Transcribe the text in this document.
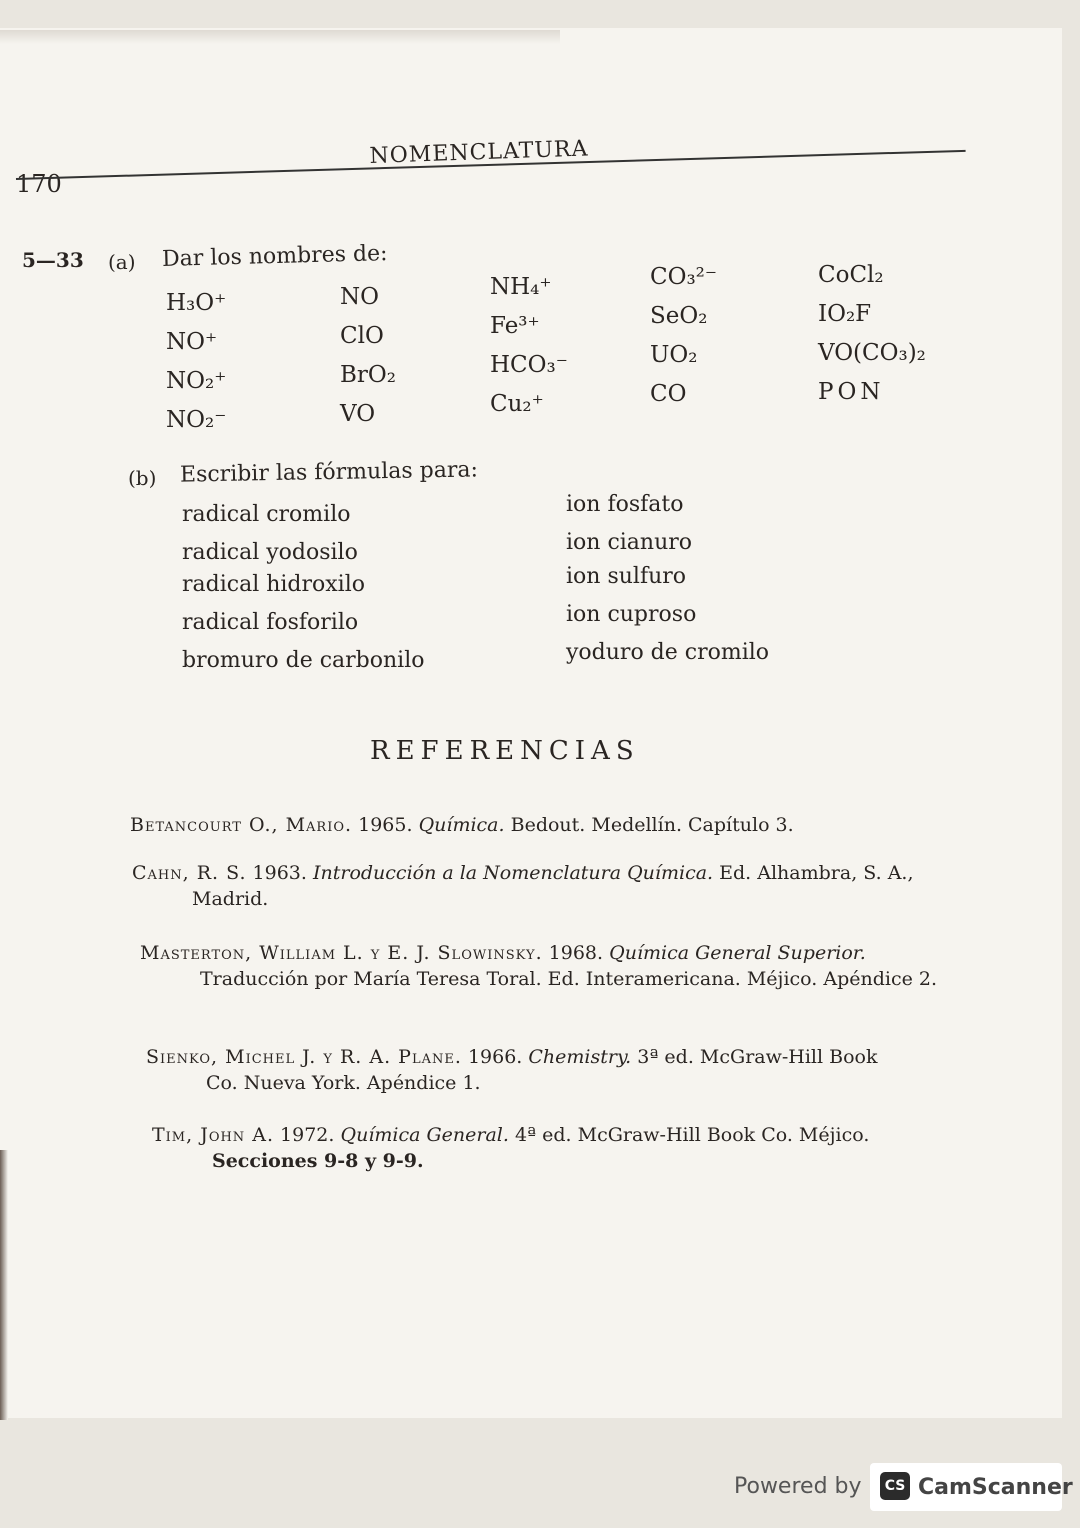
170
NOMENCLATURA
5—33 (a) Dar los nombres de:
H₃O⁺
NO⁺
NO₂⁺
NO₂⁻
NO
ClO
BrO₂
VO
NH₄⁺
Fe³⁺
HCO₃⁻
Cu₂⁺
CO₃²⁻
SeO₂
UO₂
CO
CoCl₂
IO₂F
VO(CO₃)₂
PON
(b) Escribir las fórmulas para:
radical cromilo
radical yodosilo
radical hidroxilo
radical fosforilo
bromuro de carbonilo
ion fosfato
ion cianuro
ion sulfuro
ion cuproso
yoduro de cromilo
REFERENCIAS
Betancourt O., Mario. 1965. Química. Bedout. Medellín. Capítulo 3.
Cahn, R. S. 1963. Introducción a la Nomenclatura Química. Ed. Alhambra, S. A.,
Madrid.
Masterton, William L. y E. J. Slowinsky. 1968. Química General Superior.
Traducción por María Teresa Toral. Ed. Interamericana. Méjico. Apéndice 2.
Sienko, Michel J. y R. A. Plane. 1966. Chemistry. 3ª ed. McGraw-Hill Book
Co. Nueva York. Apéndice 1.
Tim, John A. 1972. Química General. 4ª ed. McGraw-Hill Book Co. Méjico.
Secciones 9-8 y 9-9.
Powered by	CS CamScanner
